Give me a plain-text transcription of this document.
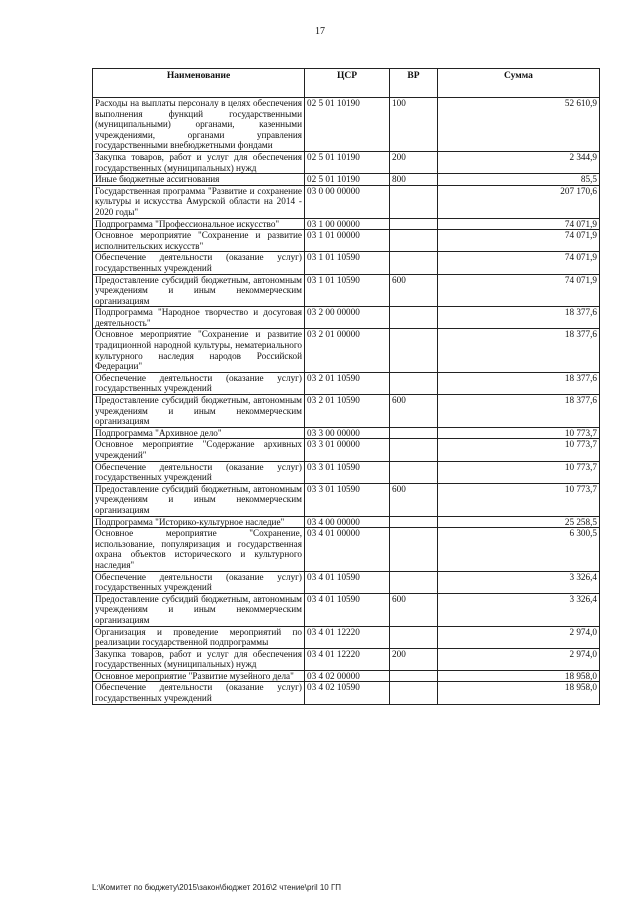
17
Наименование	ЦСР	ВР	Сумма
Расходы на выплаты персоналу в целях обеспечения выполнения функций государственными (муниципальными) органами, казенными учреждениями, органами управления государственными внебюджетными фондами	02 5 01 10190	100	52 610,9
Закупка товаров, работ и услуг для обеспечения государственных (муниципальных) нужд	02 5 01 10190	200	2 344,9
Иные бюджетные ассигнования	02 5 01 10190	800	85,5
Государственная программа "Развитие и сохранение культуры и искусства Амурской области на 2014 - 2020 годы"	03 0 00 00000		207 170,6
Подпрограмма "Профессиональное искусство"	03 1 00 00000		74 071,9
Основное мероприятие "Сохранение и развитие исполнительских искусств"	03 1 01 00000		74 071,9
Обеспечение деятельности (оказание услуг) государственных учреждений	03 1 01 10590		74 071,9
Предоставление субсидий бюджетным, автономным учреждениям и иным некоммерческим организациям	03 1 01 10590	600	74 071,9
Подпрограмма "Народное творчество и досуговая деятельность"	03 2 00 00000		18 377,6
Основное мероприятие "Сохранение и развитие традиционной народной культуры, нематериального культурного наследия народов Российской Федерации"	03 2 01 00000		18 377,6
Обеспечение деятельности (оказание услуг) государственных учреждений	03 2 01 10590		18 377,6
Предоставление субсидий бюджетным, автономным учреждениям и иным некоммерческим организациям	03 2 01 10590	600	18 377,6
Подпрограмма "Архивное дело"	03 3 00 00000		10 773,7
Основное мероприятие "Содержание архивных учреждений"	03 3 01 00000		10 773,7
Обеспечение деятельности (оказание услуг) государственных учреждений	03 3 01 10590		10 773,7
Предоставление субсидий бюджетным, автономным учреждениям и иным некоммерческим организациям	03 3 01 10590	600	10 773,7
Подпрограмма "Историко-культурное наследие"	03 4 00 00000		25 258,5
Основное мероприятие "Сохранение, использование, популяризация и государственная охрана объектов исторического и культурного наследия"	03 4 01 00000		6 300,5
Обеспечение деятельности (оказание услуг) государственных учреждений	03 4 01 10590		3 326,4
Предоставление субсидий бюджетным, автономным учреждениям и иным некоммерческим организациям	03 4 01 10590	600	3 326,4
Организация и проведение мероприятий по реализации государственной подпрограммы	03 4 01 12220		2 974,0
Закупка товаров, работ и услуг для обеспечения государственных (муниципальных) нужд	03 4 01 12220	200	2 974,0
Основное мероприятие "Развитие музейного дела"	03 4 02 00000		18 958,0
Обеспечение деятельности (оказание услуг) государственных учреждений	03 4 02 10590		18 958,0
L:\Комитет по бюджету\2015\закон\бюджет 2016\2 чтение\pril 10 ГП
